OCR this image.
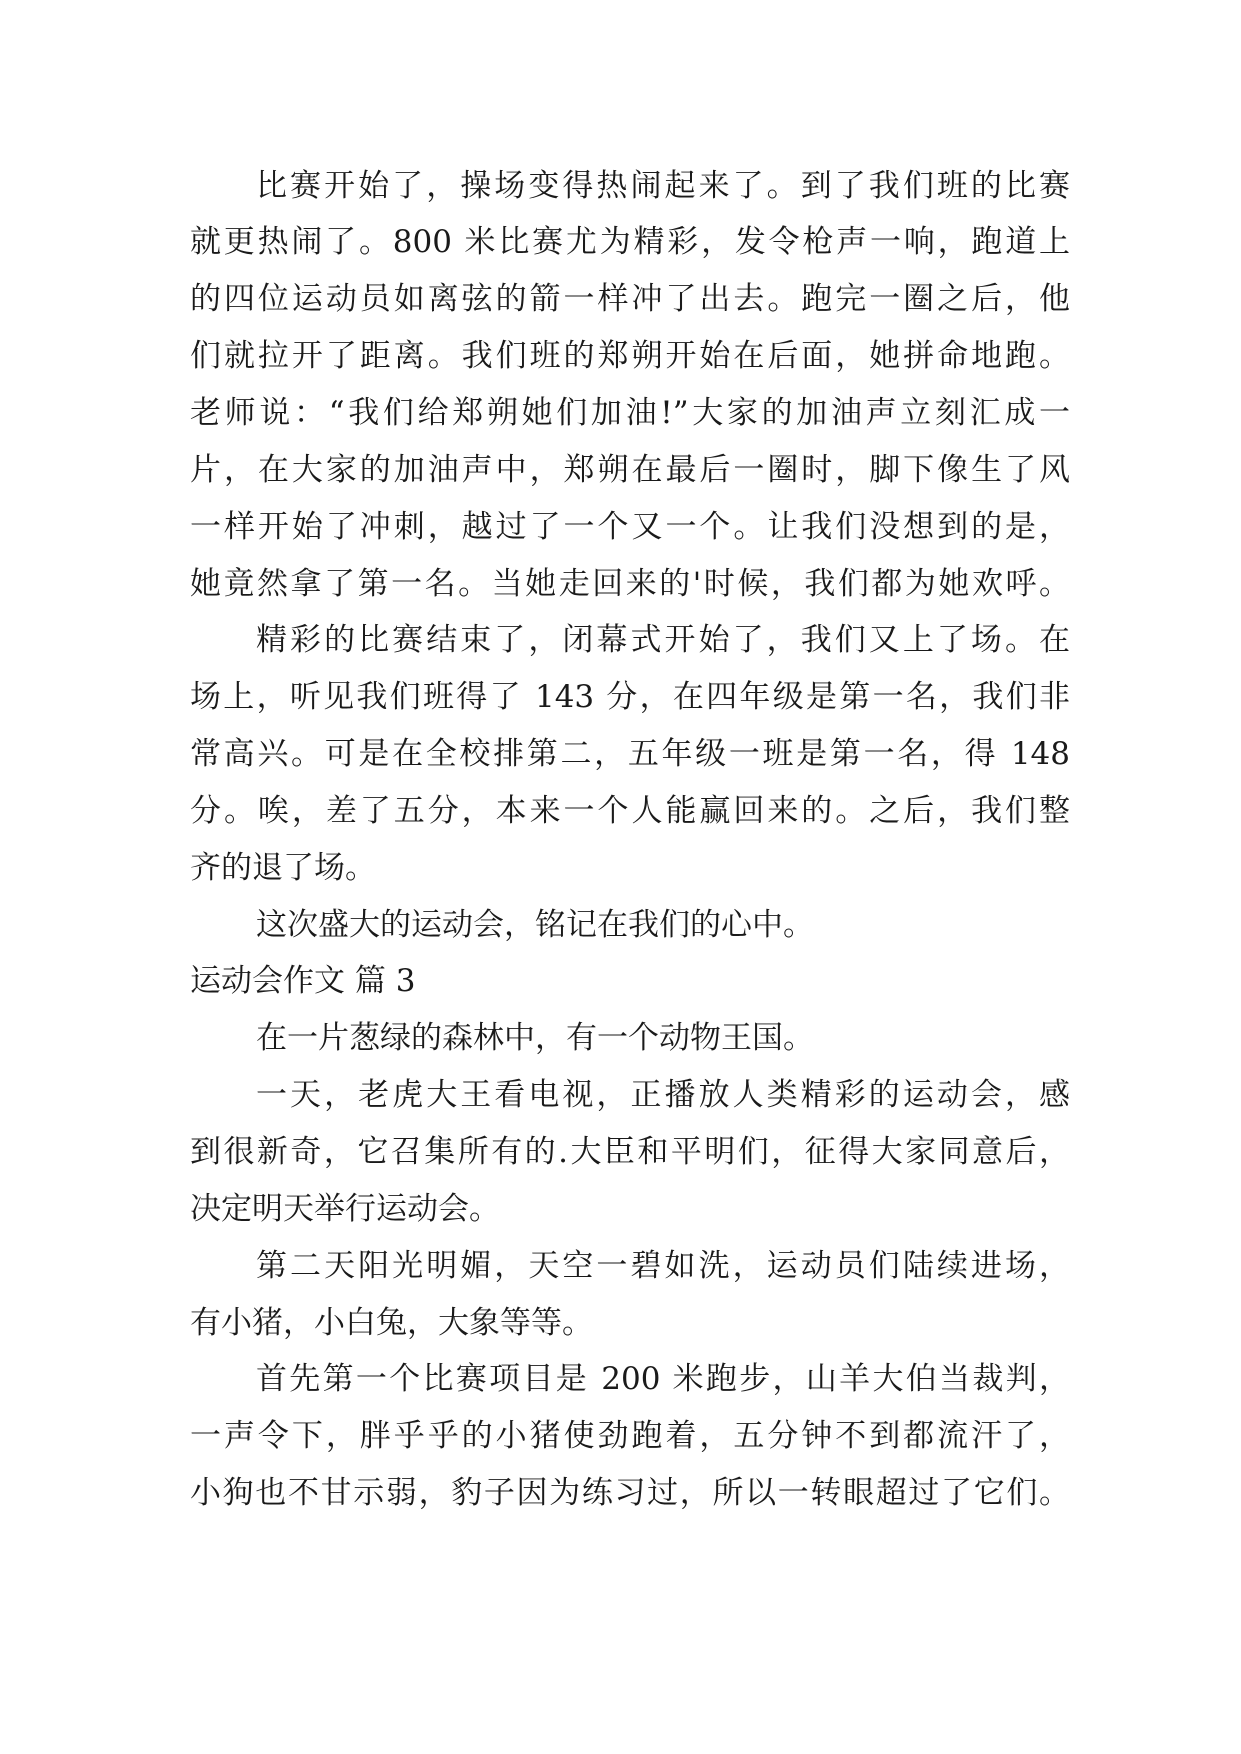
比赛开始了，操场变得热闹起来了。到了我们班的比赛
就更热闹了。800 米比赛尤为精彩，发令枪声一响，跑道上
的四位运动员如离弦的箭一样冲了出去。跑完一圈之后，他
们就拉开了距离。我们班的郑朔开始在后面，她拼命地跑。
老师说：“我们给郑朔她们加油!”大家的加油声立刻汇成一
片，在大家的加油声中，郑朔在最后一圈时，脚下像生了风
一样开始了冲刺，越过了一个又一个。让我们没想到的是，
她竟然拿了第一名。当她走回来的'时候，我们都为她欢呼。
精彩的比赛结束了，闭幕式开始了，我们又上了场。在
场上，听见我们班得了 143 分，在四年级是第一名，我们非
常高兴。可是在全校排第二，五年级一班是第一名，得 148
分。唉，差了五分，本来一个人能赢回来的。之后，我们整
齐的退了场。
这次盛大的运动会，铭记在我们的心中。
运动会作文 篇 3
在一片葱绿的森林中，有一个动物王国。
一天，老虎大王看电视，正播放人类精彩的运动会，感
到很新奇，它召集所有的.大臣和平明们，征得大家同意后，
决定明天举行运动会。
第二天阳光明媚，天空一碧如洗，运动员们陆续进场，
有小猪，小白兔，大象等等。
首先第一个比赛项目是 200 米跑步，山羊大伯当裁判，
一声令下，胖乎乎的小猪使劲跑着，五分钟不到都流汗了，
小狗也不甘示弱，豹子因为练习过，所以一转眼超过了它们。
